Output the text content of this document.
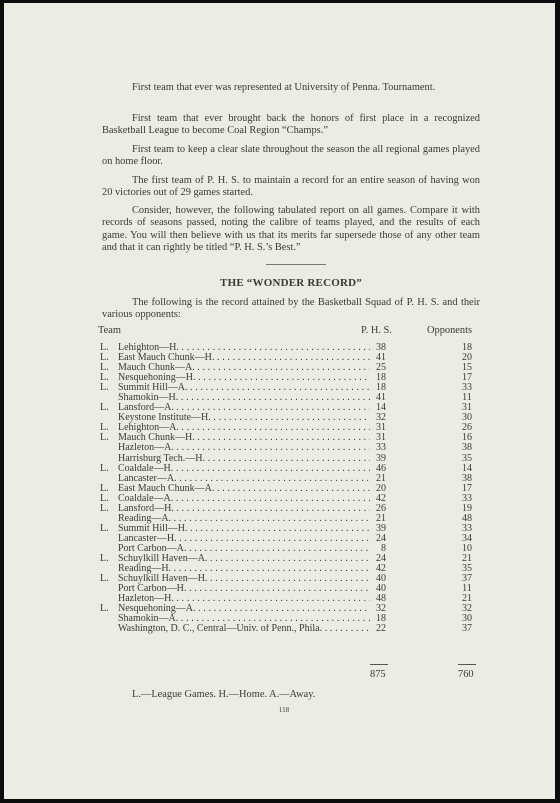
First team that ever was represented at University of Penna. Tournament.

First team that ever brought back the honors of first place in a recognized Basketball League to become Coal Region “Champs.”

First team to keep a clear slate throughout the season the all regional games played on home floor.

The first team of P. H. S. to maintain a record for an entire season of having won 20 victories out of 29 games started.

Consider, however, the following tabulated report on all games. Compare it with records of seasons passed, noting the calibre of teams played, and the results of each game. You will then believe with us that its merits far supersede those of any other team and that it can rightly be titled “P. H. S.’s Best.”

THE “WONDER RECORD”

The following is the record attained by the Basketball Squad of P. H. S. and their various opponents:

Team	P. H. S.	Opponents
L. Lehighton—H. . . .	38	18
L. East Mauch Chunk—H. . . .	41	20
L. Mauch Chunk—A. . . .	25	15
L. Nesquehoning—H. . . .	18	17
L. Summit Hill—A. . . .	18	33
Shamokin—H. . . .	41	11
L. Lansford—A. . . .	14	31
Keystone Institute—H. . . .	32	30
L. Lehighton—A. . . .	31	26
L. Mauch Chunk—H. . . .	31	16
Hazleton—A. . . .	33	38
Harrisburg Tech.—H. . . .	39	35
L. Coaldale—H. . . .	46	14
Lancaster—A. . . .	21	38
L. East Mauch Chunk—A. . . .	20	17
L. Coaldale—A. . . .	42	33
L. Lansford—H. . . .	26	19
Reading—A. . . .	21	48
L. Summit Hill—H. . . .	39	33
Lancaster—H. . . .	24	34
Port Carbon—A. . . .	8	10
L. Schuylkill Haven—A. . . .	24	21
Reading—H. . . .	42	35
L. Schuylkill Haven—H. . . .	40	37
Port Carbon—H. . . .	40	11
Hazleton—H. . . .	48	21
L. Nesquehoning—A. . . .	32	32
Shamokin—A. . . .	18	30
Washington, D. C., Central—Univ. of Penn., Phila. . . .	22	37
875	760

L.—League Games. H.—Home. A.—Away.

118
